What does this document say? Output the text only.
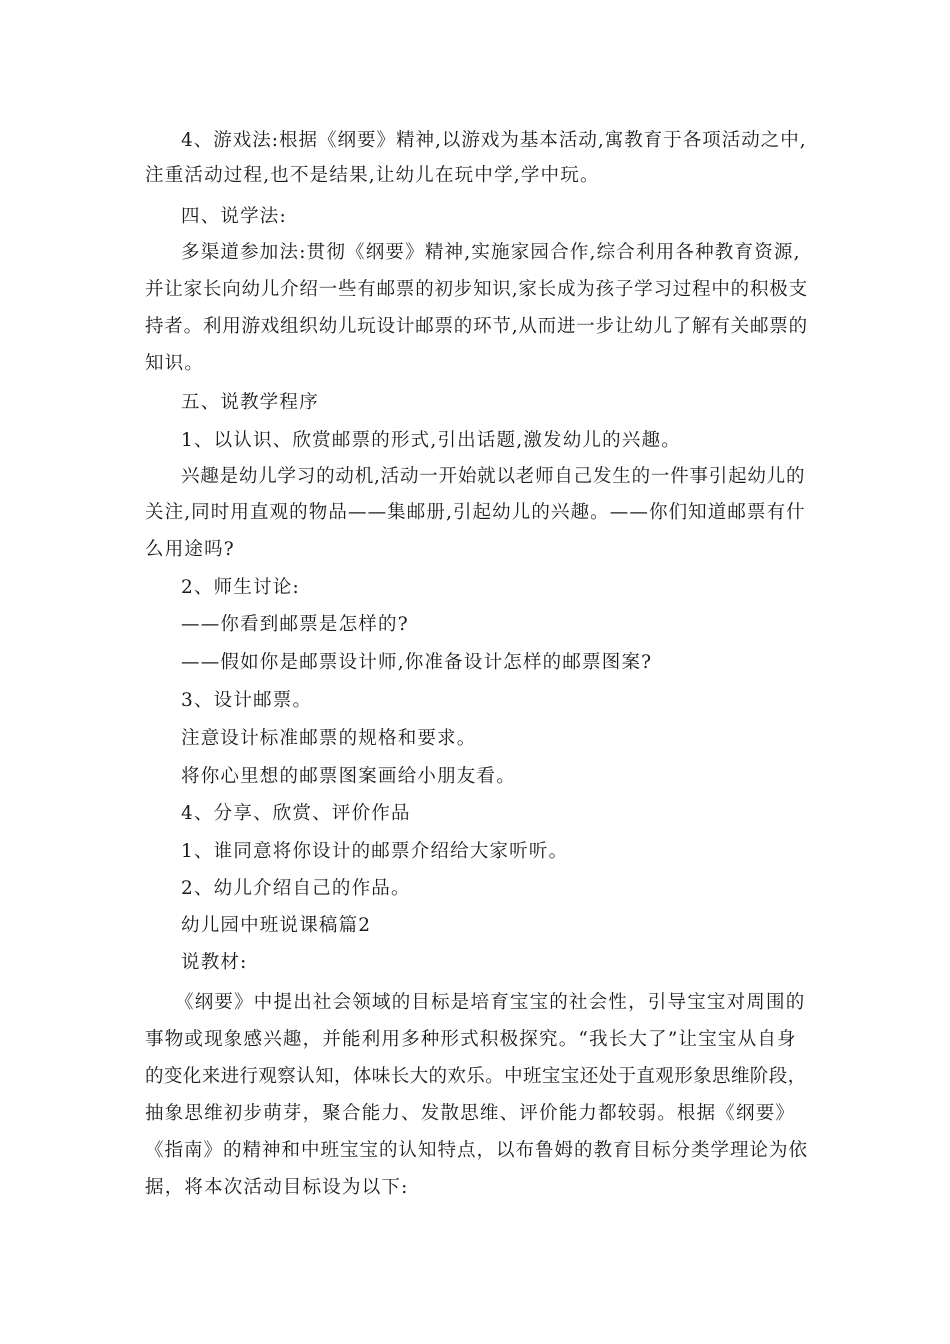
4、游戏法:根据《纲要》精神,以游戏为基本活动,寓教育于各项活动之中,
注重活动过程,也不是结果,让幼儿在玩中学,学中玩。
四、说学法:
多渠道参加法:贯彻《纲要》精神,实施家园合作,综合利用各种教育资源,
并让家长向幼儿介绍一些有邮票的初步知识,家长成为孩子学习过程中的积极支
持者。利用游戏组织幼儿玩设计邮票的环节,从而进一步让幼儿了解有关邮票的
知识。
五、说教学程序
1、以认识、欣赏邮票的形式,引出话题,激发幼儿的兴趣。
兴趣是幼儿学习的动机,活动一开始就以老师自己发生的一件事引起幼儿的
关注,同时用直观的物品——集邮册,引起幼儿的兴趣。——你们知道邮票有什
么用途吗?
2、师生讨论:
——你看到邮票是怎样的?
——假如你是邮票设计师,你准备设计怎样的邮票图案?
3、设计邮票。
注意设计标准邮票的规格和要求。
将你心里想的邮票图案画给小朋友看。
4、分享、欣赏、评价作品
1、谁同意将你设计的邮票介绍给大家听听。
2、幼儿介绍自己的作品。
幼儿园中班说课稿篇2
说教材:
《纲要》中提出社会领域的目标是培育宝宝的社会性，引导宝宝对周围的
事物或现象感兴趣，并能利用多种形式积极探究。“我长大了”让宝宝从自身
的变化来进行观察认知，体味长大的欢乐。中班宝宝还处于直观形象思维阶段，
抽象思维初步萌芽，聚合能力、发散思维、评价能力都较弱。根据《纲要》
《指南》的精神和中班宝宝的认知特点，以布鲁姆的教育目标分类学理论为依
据，将本次活动目标设为以下:
